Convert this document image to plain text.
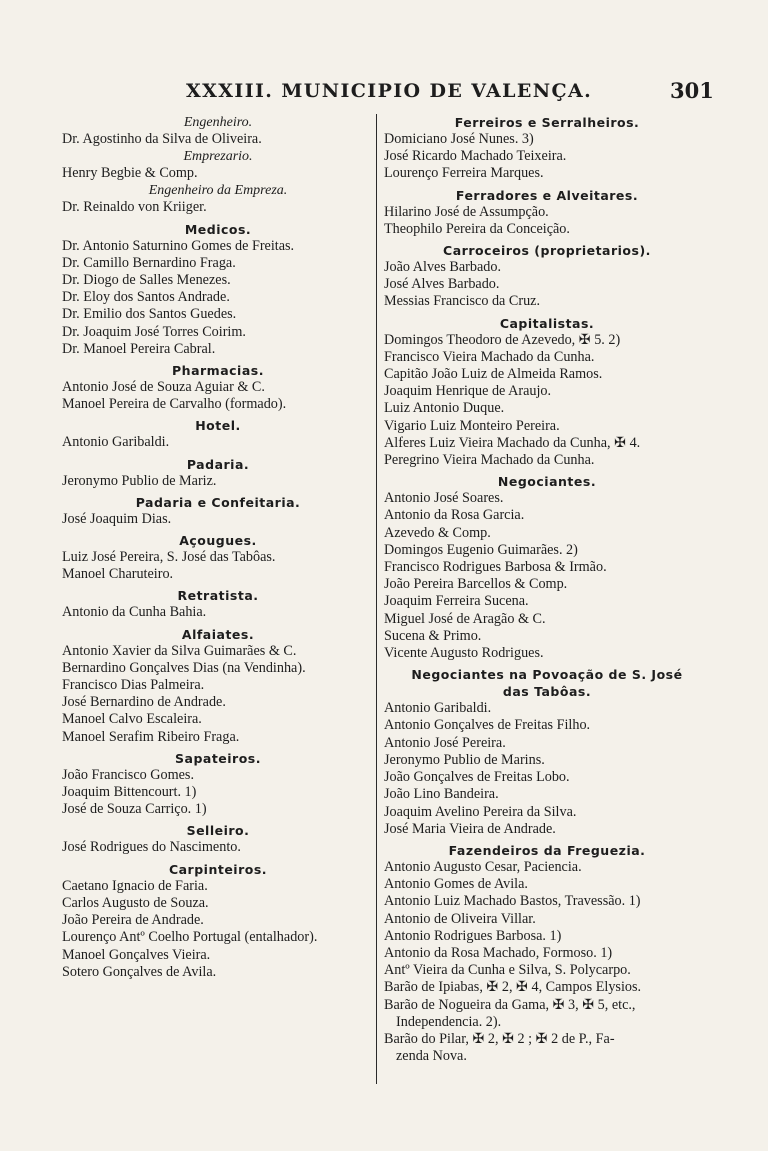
XXXIII. MUNICIPIO DE VALENÇA.	301
Engenheiro.
Dr. Agostinho da Silva de Oliveira.
Emprezario.
Henry Begbie & Comp.
Engenheiro da Empreza.
Dr. Reinaldo von Kriiger.
Medicos.
Dr. Antonio Saturnino Gomes de Freitas.
Dr. Camillo Bernardino Fraga.
Dr. Diogo de Salles Menezes.
Dr. Eloy dos Santos Andrade.
Dr. Emilio dos Santos Guedes.
Dr. Joaquim José Torres Coirim.
Dr. Manoel Pereira Cabral.
Pharmacias.
Antonio José de Souza Aguiar & C.
Manoel Pereira de Carvalho (formado).
Hotel.
Antonio Garibaldi.
Padaria.
Jeronymo Publio de Mariz.
Padaria e Confeitaria.
José Joaquim Dias.
Açougues.
Luiz José Pereira, S. José das Tabôas.
Manoel Charuteiro.
Retratista.
Antonio da Cunha Bahia.
Alfaiates.
Antonio Xavier da Silva Guimarães & C.
Bernardino Gonçalves Dias (na Vendinha).
Francisco Dias Palmeira.
José Bernardino de Andrade.
Manoel Calvo Escaleira.
Manoel Serafim Ribeiro Fraga.
Sapateiros.
João Francisco Gomes.
Joaquim Bittencourt. 1)
José de Souza Carriço. 1)
Selleiro.
José Rodrigues do Nascimento.
Carpinteiros.
Caetano Ignacio de Faria.
Carlos Augusto de Souza.
João Pereira de Andrade.
Lourenço Antº Coelho Portugal (entalhador).
Manoel Gonçalves Vieira.
Sotero Gonçalves de Avila.
Ferreiros e Serralheiros.
Domiciano José Nunes. 3)
José Ricardo Machado Teixeira.
Lourenço Ferreira Marques.
Ferradores e Alveitares.
Hilarino José de Assumpção.
Theophilo Pereira da Conceição.
Carroceiros (proprietarios).
João Alves Barbado.
José Alves Barbado.
Messias Francisco da Cruz.
Capitalistas.
Domingos Theodoro de Azevedo, ✠ 5. 2)
Francisco Vieira Machado da Cunha.
Capitão João Luiz de Almeida Ramos.
Joaquim Henrique de Araujo.
Luiz Antonio Duque.
Vigario Luiz Monteiro Pereira.
Alferes Luiz Vieira Machado da Cunha, ✠ 4.
Peregrino Vieira Machado da Cunha.
Negociantes.
Antonio José Soares.
Antonio da Rosa Garcia.
Azevedo & Comp.
Domingos Eugenio Guimarães. 2)
Francisco Rodrigues Barbosa & Irmão.
João Pereira Barcellos & Comp.
Joaquim Ferreira Sucena.
Miguel José de Aragão & C.
Sucena & Primo.
Vicente Augusto Rodrigues.
Negociantes na Povoação de S. José
das Tabôas.
Antonio Garibaldi.
Antonio Gonçalves de Freitas Filho.
Antonio José Pereira.
Jeronymo Publio de Marins.
João Gonçalves de Freitas Lobo.
João Lino Bandeira.
Joaquim Avelino Pereira da Silva.
José Maria Vieira de Andrade.
Fazendeiros da Freguezia.
Antonio Augusto Cesar, Paciencia.
Antonio Gomes de Avila.
Antonio Luiz Machado Bastos, Travessão. 1)
Antonio de Oliveira Villar.
Antonio Rodrigues Barbosa. 1)
Antonio da Rosa Machado, Formoso. 1)
Antº Vieira da Cunha e Silva, S. Polycarpo.
Barão de Ipiabas, ✠ 2, ✠ 4, Campos Elysios.
Barão de Nogueira da Gama, ✠ 3, ✠ 5, etc.,
Independencia. 2).
Barão do Pilar, ✠ 2, ✠ 2 ; ✠ 2 de P., Fa-
zenda Nova.
